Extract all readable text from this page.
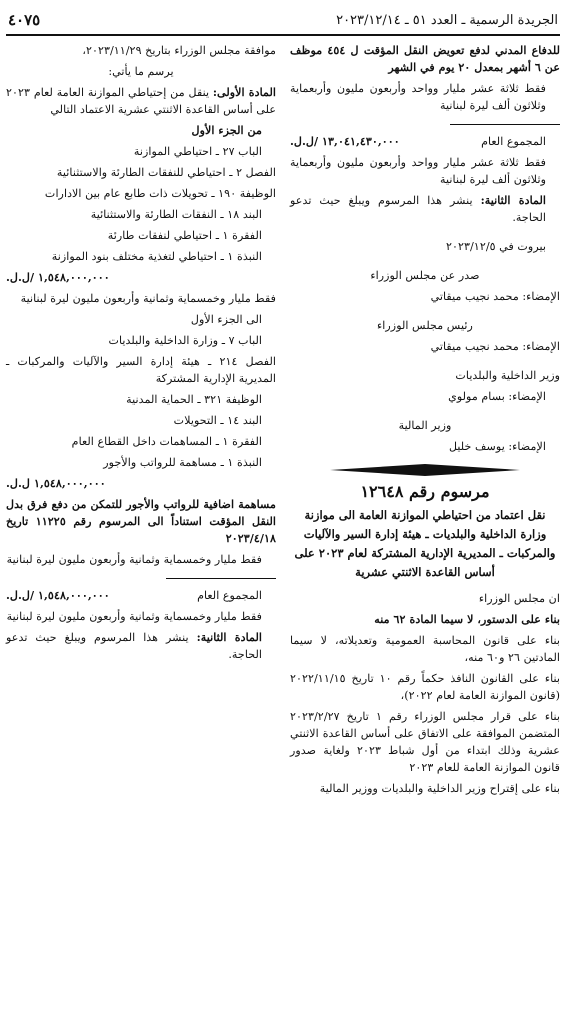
الجريدة الرسمية ـ العدد ٥١ ـ ٢٠٢٣/١٢/١٤
٤٠٧٥

للدفاع المدني لدفع تعويض النقل المؤقت ل ٤٥٤ موظف عن ٦ أشهر بمعدل ٢٠ يوم في الشهر

فقط ثلاثة عشر مليار وواحد وأربعون مليون وأربعماية وثلاثون ألف ليرة لبنانية

المجموع العام
١٣,٠٤١,٤٣٠,٠٠٠ /ل.ل.

فقط ثلاثة عشر مليار وواحد وأربعون مليون وأربعماية وثلاثون ألف ليرة لبنانية

المادة الثانية: ينشر هذا المرسوم ويبلغ حيث تدعو الحاجة.

بيروت في ٢٠٢٣/١٢/٥

صدر عن مجلس الوزراء

الإمضاء: محمد نجيب ميقاتي

رئيس مجلس الوزراء

الإمضاء: محمد نجيب ميقاتي

وزير الداخلية والبلديات

الإمضاء: بسام مولوي

وزير المالية

الإمضاء: يوسف خليل

مرسوم رقم ١٢٦٤٨
نقل اعتماد من احتياطي الموازنة العامة الى موازنة وزارة الداخلية والبلديات ـ هيئة إدارة السير والآليات والمركبات ـ المديرية الإدارية المشتركة لعام ٢٠٢٣ على أساس القاعدة الاثنتي عشرية

ان مجلس الوزراء

بناء على الدستور، لا سيما المادة ٦٢ منه

بناء على قانون المحاسبة العمومية وتعديلاته، لا سيما المادتين ٢٦ و٦٠ منه،

بناء على القانون النافذ حكماً رقم ١٠ تاريخ ٢٠٢٢/١١/١٥ (قانون الموازنة العامة لعام ٢٠٢٢)،

بناء على قرار مجلس الوزراء رقم ١ تاريخ ٢٠٢٣/٢/٢٧ المتضمن الموافقة على الاتفاق على أساس القاعدة الاثنتي عشرية وذلك ابتداء من أول شباط ٢٠٢٣ ولغاية صدور قانون الموازنة العامة للعام ٢٠٢٣

بناء على إقتراح وزير الداخلية والبلديات ووزير المالية

موافقة مجلس الوزراء بتاريخ ٢٠٢٣/١١/٢٩،

يرسم ما يأتي:

المادة الأولى: ينقل من إحتياطي الموازنة العامة لعام ٢٠٢٣ على أساس القاعدة الاثنتي عشرية الاعتماد التالي

من الجزء الأول

الباب ٢٧ ـ احتياطي الموازنة

الفصل ٢ ـ احتياطي للنفقات الطارئة والاستثنائية

الوظيفة ١٩٠ ـ تحويلات ذات طابع عام بين الادارات

البند ١٨ ـ النفقات الطارئة والاستثنائية

الفقرة ١ ـ احتياطي لنفقات طارئة

النبذة ١ ـ احتياطي لتغذية مختلف بنود الموازنة

١,٥٤٨,٠٠٠,٠٠٠ /ل.ل.

فقط مليار وخمسماية وثمانية وأربعون مليون ليرة لبنانية

الى الجزء الأول

الباب ٧ ـ وزارة الداخلية والبلديات

الفصل ٢١٤ ـ هيئة إدارة السير والآليات والمركبات ـ المديرية الإدارية المشتركة

الوظيفة ٣٢١ ـ الحماية المدنية

البند ١٤ ـ التحويلات

الفقرة ١ ـ المساهمات داخل القطاع العام

النبذة ١ ـ مساهمة للرواتب والأجور

١,٥٤٨,٠٠٠,٠٠٠ ل.ل.

مساهمة اضافية للرواتب والأجور للتمكن من دفع فرق بدل النقل المؤقت استناداً الى المرسوم رقم ١١٢٢٥ تاريخ ٢٠٢٣/٤/١٨

فقط مليار وخمسماية وثمانية وأربعون مليون ليرة لبنانية

المجموع العام
١,٥٤٨,٠٠٠,٠٠٠ /ل.ل.

فقط مليار وخمسماية وثمانية وأربعون مليون ليرة لبنانية

المادة الثانية: ينشر هذا المرسوم ويبلغ حيث تدعو الحاجة.
